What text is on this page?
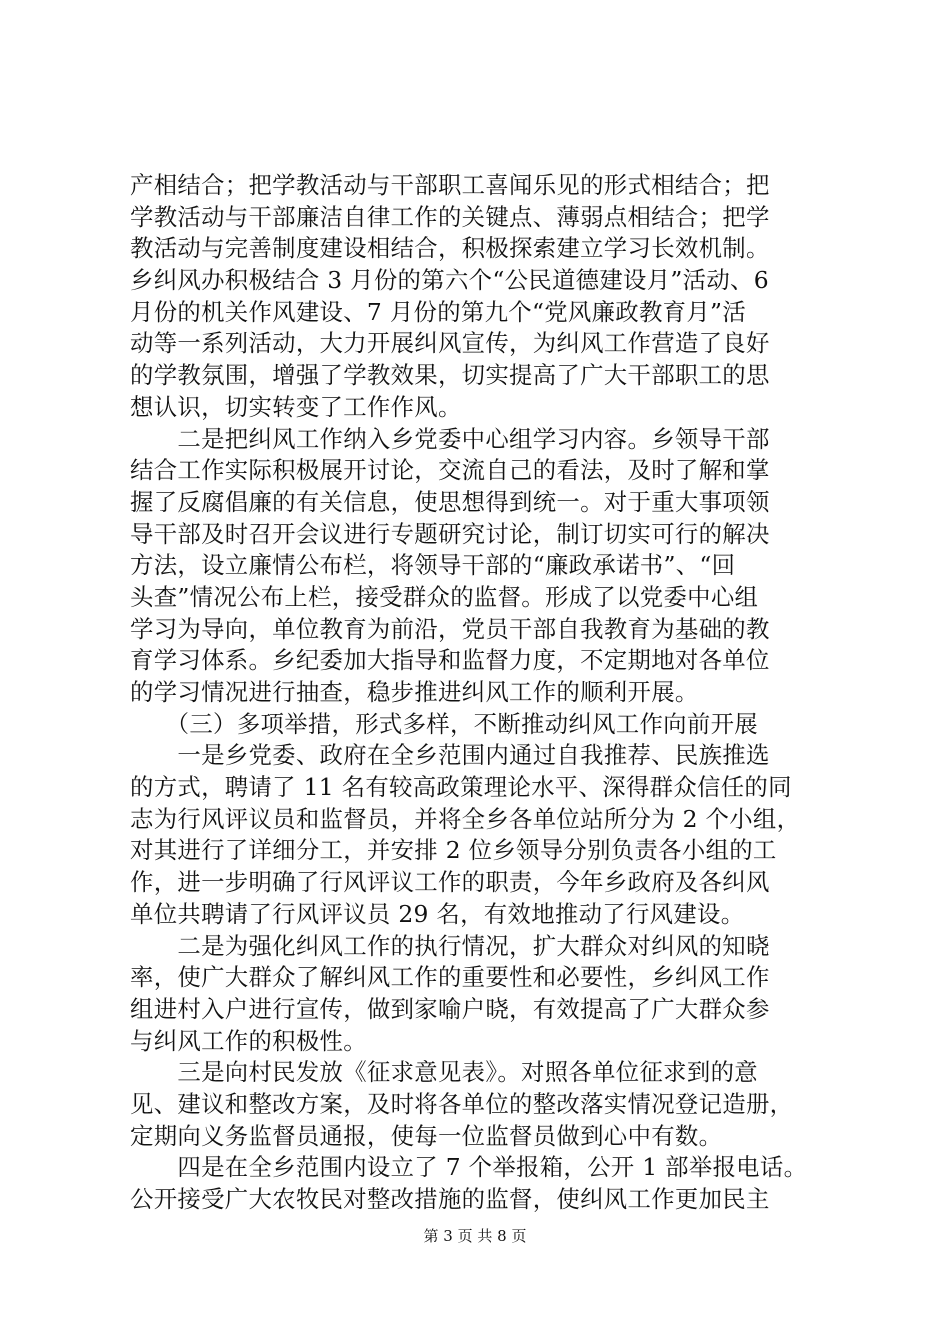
产相结合；把学教活动与干部职工喜闻乐见的形式相结合；把
学教活动与干部廉洁自律工作的关键点、薄弱点相结合；把学
教活动与完善制度建设相结合，积极探索建立学习长效机制。
乡纠风办积极结合 3 月份的第六个“公民道德建设月”活动、6
月份的机关作风建设、7 月份的第九个“党风廉政教育月”活
动等一系列活动，大力开展纠风宣传，为纠风工作营造了良好
的学教氛围，增强了学教效果，切实提高了广大干部职工的思
想认识，切实转变了工作作风。
　　二是把纠风工作纳入乡党委中心组学习内容。乡领导干部
结合工作实际积极展开讨论，交流自己的看法，及时了解和掌
握了反腐倡廉的有关信息，使思想得到统一。对于重大事项领
导干部及时召开会议进行专题研究讨论，制订切实可行的解决
方法，设立廉情公布栏，将领导干部的“廉政承诺书”、“回
头查”情况公布上栏，接受群众的监督。形成了以党委中心组
学习为导向，单位教育为前沿，党员干部自我教育为基础的教
育学习体系。乡纪委加大指导和监督力度，不定期地对各单位
的学习情况进行抽查，稳步推进纠风工作的顺利开展。
　　（三）多项举措，形式多样，不断推动纠风工作向前开展
　　一是乡党委、政府在全乡范围内通过自我推荐、民族推选
的方式，聘请了 11 名有较高政策理论水平、深得群众信任的同
志为行风评议员和监督员，并将全乡各单位站所分为 2 个小组，
对其进行了详细分工，并安排 2 位乡领导分别负责各小组的工
作，进一步明确了行风评议工作的职责，今年乡政府及各纠风
单位共聘请了行风评议员 29 名，有效地推动了行风建设。
　　二是为强化纠风工作的执行情况，扩大群众对纠风的知晓
率，使广大群众了解纠风工作的重要性和必要性，乡纠风工作
组进村入户进行宣传，做到家喻户晓，有效提高了广大群众参
与纠风工作的积极性。
　　三是向村民发放《征求意见表》。对照各单位征求到的意
见、建议和整改方案，及时将各单位的整改落实情况登记造册，
定期向义务监督员通报，使每一位监督员做到心中有数。
　　四是在全乡范围内设立了 7 个举报箱，公开 1 部举报电话。
公开接受广大农牧民对整改措施的监督，使纠风工作更加民主
第 3 页 共 8 页
